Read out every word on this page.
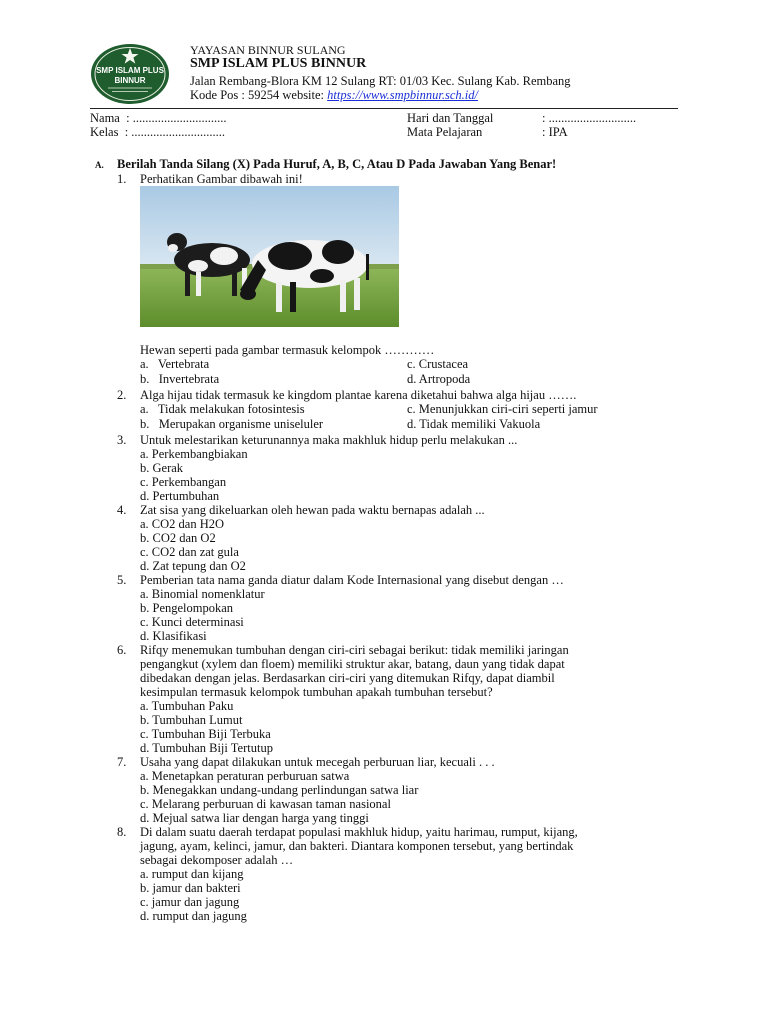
SMP ISLAM PLUS
BINNUR
YAYASAN BINNUR SULANG
SMP ISLAM PLUS BINNUR
Jalan Rembang-Blora KM 12 Sulang RT: 01/03 Kec. Sulang Kab. Rembang
Kode Pos : 59254 website: https://www.smpbinnur.sch.id/
Nama  : ..............................
Kelas  : ..............................
Hari dan Tanggal	: ............................
Mata Pelajaran	: IPA
A. Berilah Tanda Silang (X) Pada Huruf, A, B, C, Atau D Pada Jawaban Yang Benar!
1. Perhatikan Gambar dibawah ini!
Hewan seperti pada gambar termasuk kelompok …………
a.   Vertebrata	c. Crustacea
b.   Invertebrata	d. Artropoda
2. Alga hijau tidak termasuk ke kingdom plantae karena diketahui bahwa alga hijau …….
a.   Tidak melakukan fotosintesis	c. Menunjukkan ciri-ciri seperti jamur
b.   Merupakan organisme uniseluler	d. Tidak memiliki Vakuola
3. Untuk melestarikan keturunannya maka makhluk hidup perlu melakukan ...
a. Perkembangbiakan
b. Gerak
c. Perkembangan
d. Pertumbuhan
4. Zat sisa yang dikeluarkan oleh hewan pada waktu bernapas adalah ...
a. CO2 dan H2O
b. CO2 dan O2
c. CO2 dan zat gula
d. Zat tepung dan O2
5. Pemberian tata nama ganda diatur dalam Kode Internasional yang disebut dengan …
a. Binomial nomenklatur
b. Pengelompokan
c. Kunci determinasi
d. Klasifikasi
6. Rifqy menemukan tumbuhan dengan ciri-ciri sebagai berikut: tidak memiliki jaringan
pengangkut (xylem dan floem) memiliki struktur akar, batang, daun yang tidak dapat
dibedakan dengan jelas. Berdasarkan ciri-ciri yang ditemukan Rifqy, dapat diambil
kesimpulan termasuk kelompok tumbuhan apakah tumbuhan tersebut?
a. Tumbuhan Paku
b. Tumbuhan Lumut
c. Tumbuhan Biji Terbuka
d. Tumbuhan Biji Tertutup
7. Usaha yang dapat dilakukan untuk mecegah perburuan liar, kecuali . . .
a. Menetapkan peraturan perburuan satwa
b. Menegakkan undang-undang perlindungan satwa liar
c. Melarang perburuan di kawasan taman nasional
d. Mejual satwa liar dengan harga yang tinggi
8. Di dalam suatu daerah terdapat populasi makhluk hidup, yaitu harimau, rumput, kijang,
jagung, ayam, kelinci, jamur, dan bakteri. Diantara komponen tersebut, yang bertindak
sebagai dekomposer adalah …
a. rumput dan kijang
b. jamur dan bakteri
c. jamur dan jagung
d. rumput dan jagung
